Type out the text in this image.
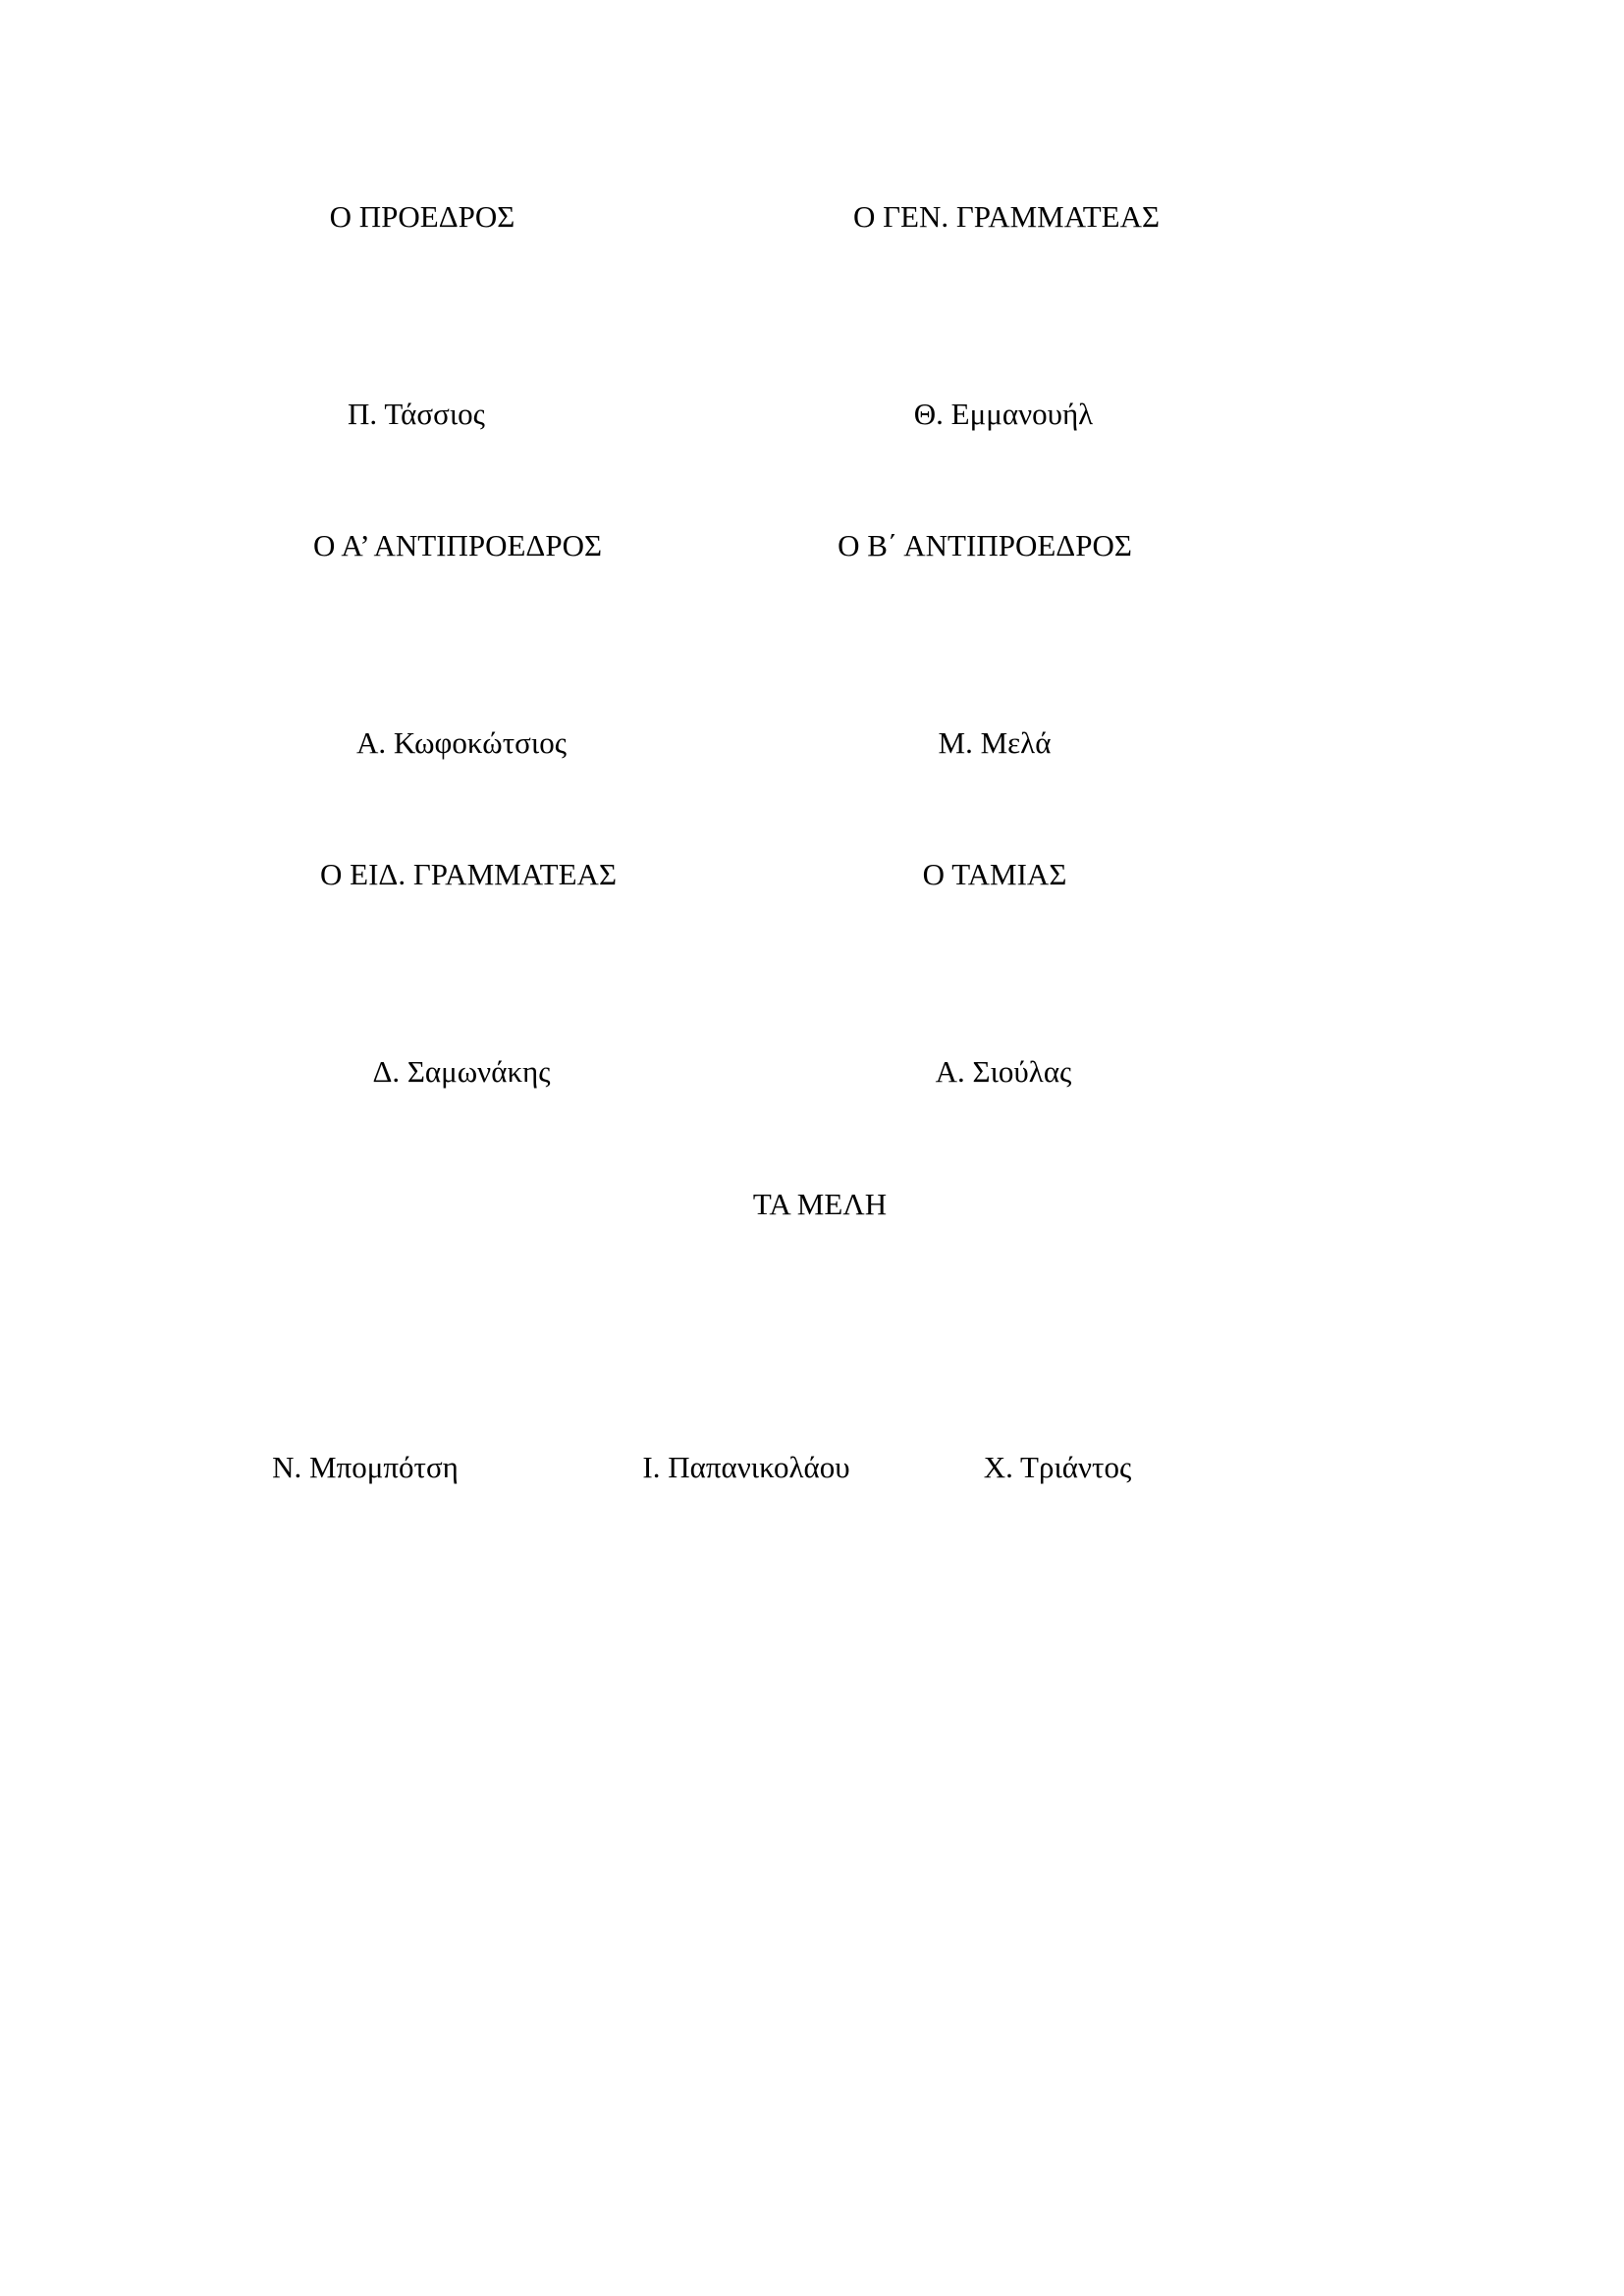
Ο ΠΡΟΕΔΡΟΣ	Ο ΓΕΝ. ΓΡΑΜΜΑΤΕΑΣ
Π. Τάσσιος	Θ. Εμμανουήλ
Ο Α’ ΑΝΤΙΠΡΟΕΔΡΟΣ	Ο Β΄ ΑΝΤΙΠΡΟΕΔΡΟΣ
Α. Κωφοκώτσιος	Μ. Μελά
Ο ΕΙΔ. ΓΡΑΜΜΑΤΕΑΣ	Ο ΤΑΜΙΑΣ
Δ. Σαμωνάκης	Α. Σιούλας
ΤΑ ΜΕΛΗ
Ν. Μπομπότση	Ι. Παπανικολάου	Χ. Τριάντος
